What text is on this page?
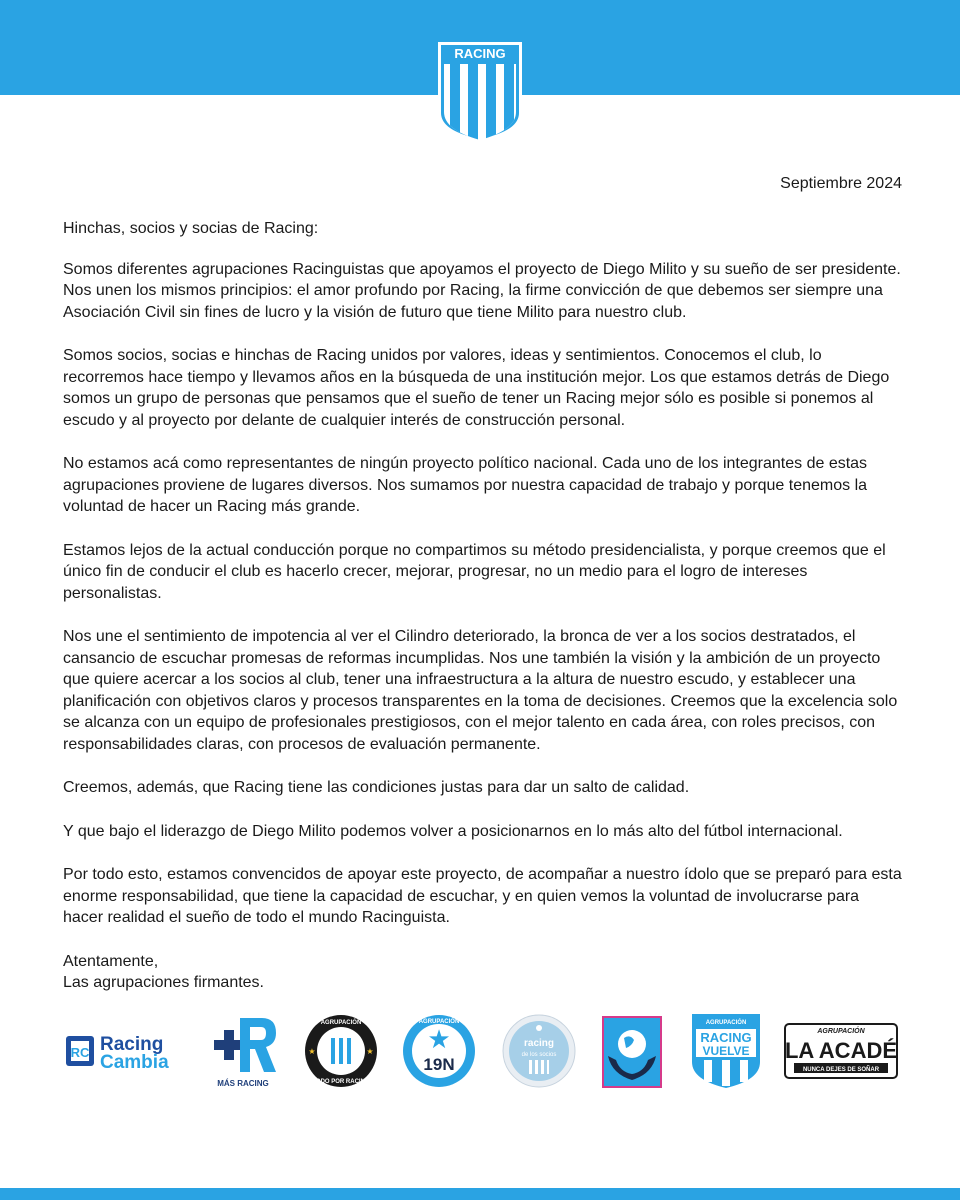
RACING
Septiembre 2024

Hinchas, socios y socias de Racing:

Somos diferentes agrupaciones Racinguistas que apoyamos el proyecto de Diego Milito y su sueño de ser presidente. Nos unen los mismos principios: el amor profundo por Racing, la firme convicción de que debemos ser siempre una Asociación Civil sin fines de lucro y la visión de futuro que tiene Milito para nuestro club.

Somos socios, socias e hinchas de Racing unidos por valores, ideas y sentimientos. Conocemos el club, lo recorremos hace tiempo y llevamos años en la búsqueda de una institución mejor. Los que estamos detrás de Diego somos un grupo de personas que pensamos que el sueño de tener un Racing mejor sólo es posible si ponemos al escudo y al proyecto por delante de cualquier interés de construcción personal.

No estamos acá como representantes de ningún proyecto político nacional. Cada uno de los integrantes de estas agrupaciones proviene de lugares diversos. Nos sumamos por nuestra capacidad de trabajo y porque tenemos la voluntad de hacer un Racing más grande.

Estamos lejos de la actual conducción porque no compartimos su método presidencialista, y porque creemos que el único fin de conducir el club es hacerlo crecer, mejorar, progresar, no un medio para el logro de intereses personalistas.

Nos une el sentimiento de impotencia al ver el Cilindro deteriorado, la bronca de ver a los socios destratados, el cansancio de escuchar promesas de reformas incumplidas. Nos une también la visión y la ambición de un proyecto que quiere acercar a los socios al club, tener una infraestructura a la altura de nuestro escudo, y establecer una planificación con objetivos claros y procesos transparentes en la toma de decisiones. Creemos que la excelencia solo se alcanza con un equipo de profesionales prestigiosos, con el mejor talento en cada área, con roles precisos, con responsabilidades claras, con procesos de evaluación permanente.

Creemos, además, que Racing tiene las condiciones justas para dar un salto de calidad.

Y que bajo el liderazgo de Diego Milito podemos volver a posicionarnos en lo más alto del fútbol internacional.

Por todo esto, estamos convencidos de apoyar este proyecto, de acompañar a nuestro ídolo que se preparó para esta enorme responsabilidad, que tiene la capacidad de escuchar, y en quien vemos la voluntad de involucrarse para hacer realidad el sueño de todo el mundo Racinguista.

Atentamente,

Las agrupaciones firmantes.

RC Racing
Cambia
MÁS RACING
AGRUPACIÓN
TODO POR RACING
★	★ ★
19N
AGRUPACIÓN
racing
de los socios
AGRUPACIÓN
RACING
VUELVE
AGRUPACIÓN
LA ACADÉ
NUNCA DEJES DE SOÑAR
